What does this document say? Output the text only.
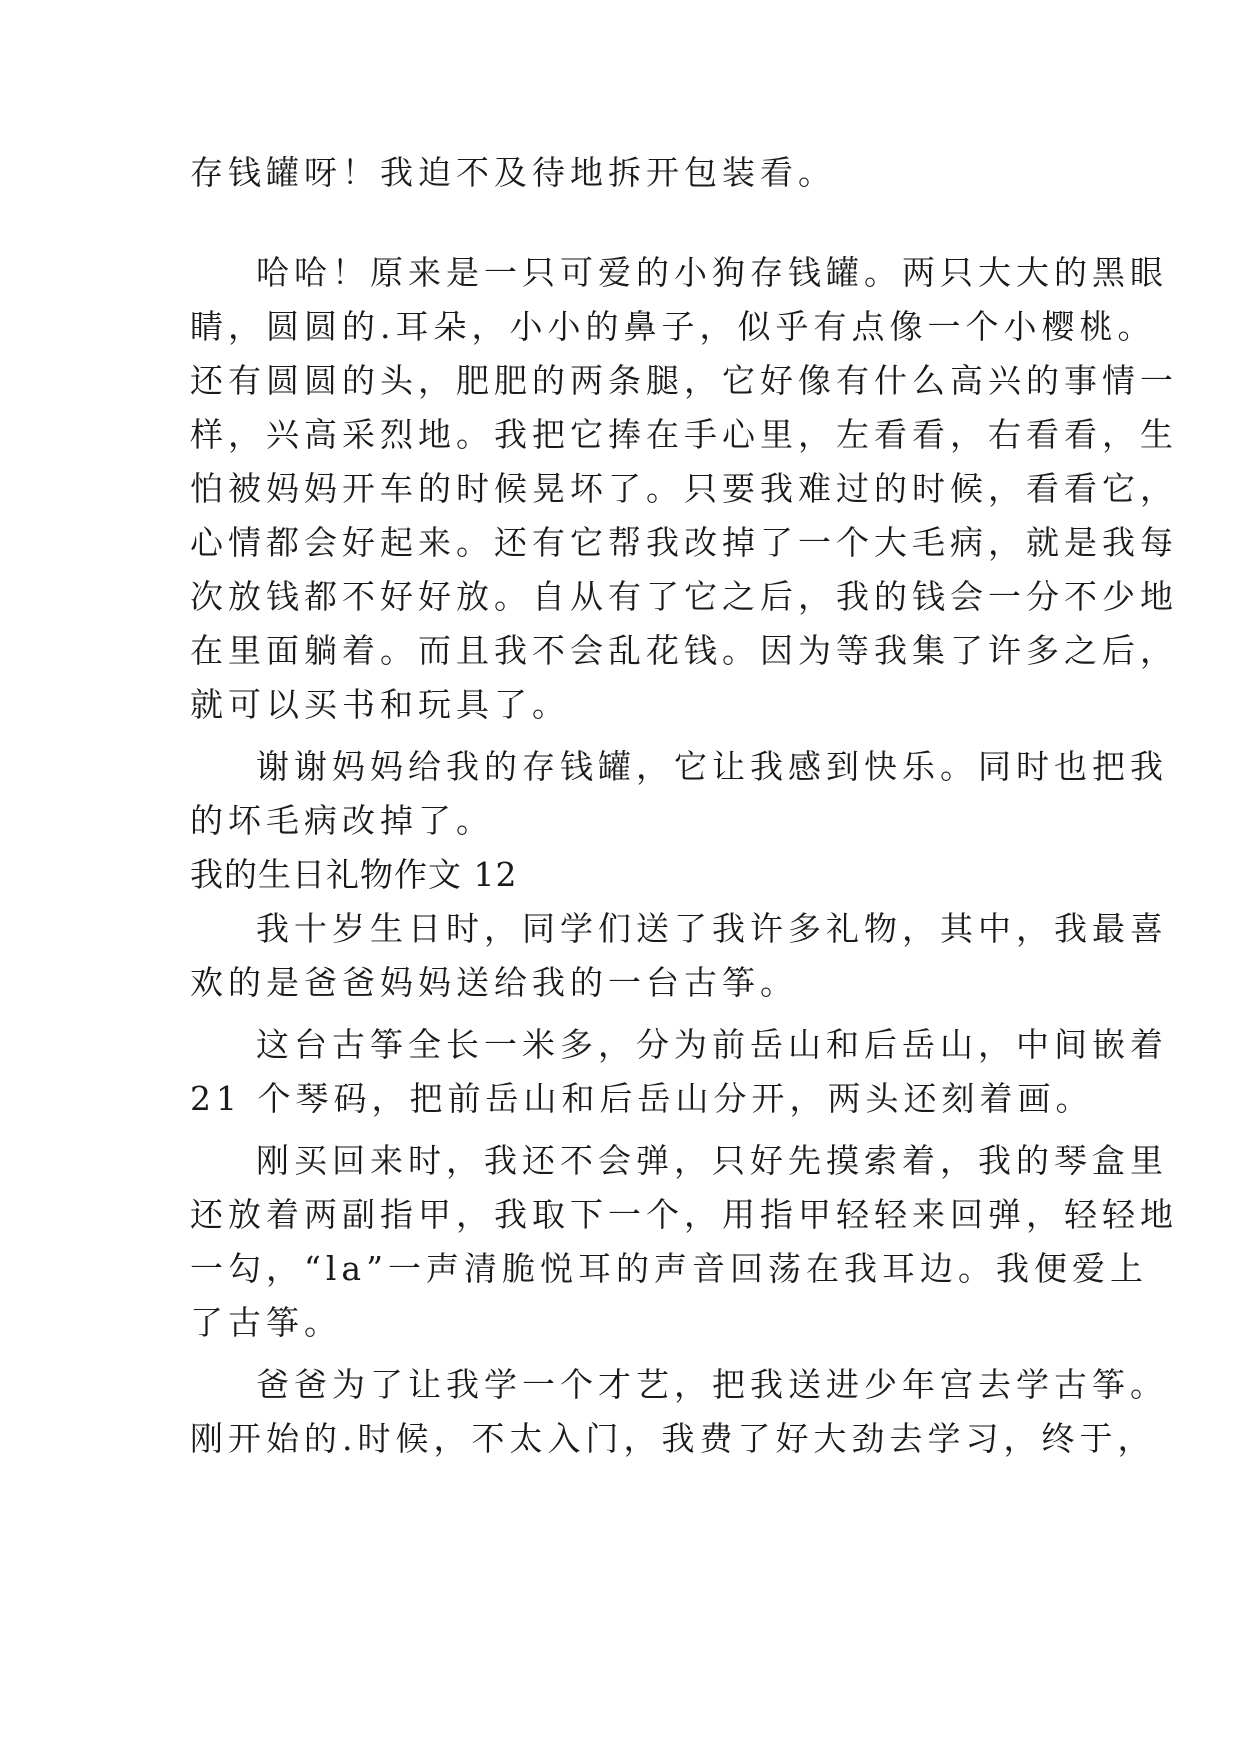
存钱罐呀！我迫不及待地拆开包装看。
哈哈！原来是一只可爱的小狗存钱罐。两只大大的黑眼
睛，圆圆的.耳朵，小小的鼻子，似乎有点像一个小樱桃。
还有圆圆的头，肥肥的两条腿，它好像有什么高兴的事情一
样，兴高采烈地。我把它捧在手心里，左看看，右看看，生
怕被妈妈开车的时候晃坏了。只要我难过的时候，看看它，
心情都会好起来。还有它帮我改掉了一个大毛病，就是我每
次放钱都不好好放。自从有了它之后，我的钱会一分不少地
在里面躺着。而且我不会乱花钱。因为等我集了许多之后，
就可以买书和玩具了。
谢谢妈妈给我的存钱罐，它让我感到快乐。同时也把我
的坏毛病改掉了。
我的生日礼物作文 12
我十岁生日时，同学们送了我许多礼物，其中，我最喜
欢的是爸爸妈妈送给我的一台古筝。
这台古筝全长一米多，分为前岳山和后岳山，中间嵌着
21 个琴码，把前岳山和后岳山分开，两头还刻着画。
刚买回来时，我还不会弹，只好先摸索着，我的琴盒里
还放着两副指甲，我取下一个，用指甲轻轻来回弹，轻轻地
一勾，“la”一声清脆悦耳的声音回荡在我耳边。我便爱上
了古筝。
爸爸为了让我学一个才艺，把我送进少年宫去学古筝。
刚开始的.时候，不太入门，我费了好大劲去学习，终于，
